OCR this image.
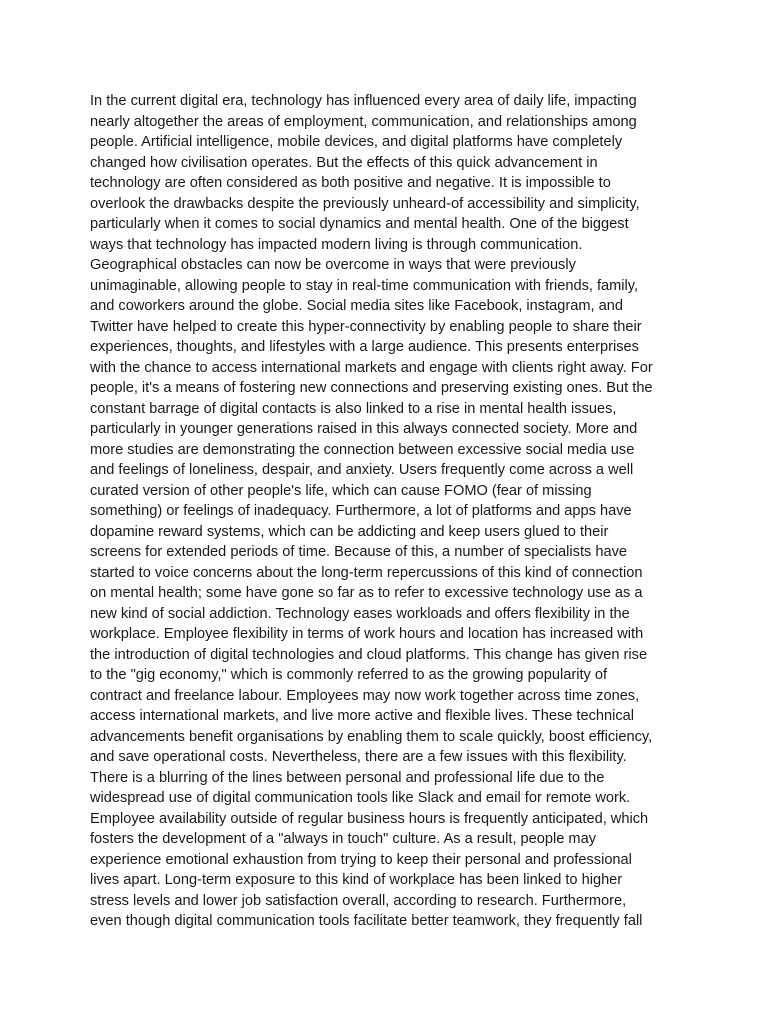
In the current digital era, technology has influenced every area of daily life, impacting
nearly altogether the areas of employment, communication, and relationships among
people. Artificial intelligence, mobile devices, and digital platforms have completely
changed how civilisation operates. But the effects of this quick advancement in
technology are often considered as both positive and negative. It is impossible to
overlook the drawbacks despite the previously unheard-of accessibility and simplicity,
particularly when it comes to social dynamics and mental health. One of the biggest
ways that technology has impacted modern living is through communication.
Geographical obstacles can now be overcome in ways that were previously
unimaginable, allowing people to stay in real-time communication with friends, family,
and coworkers around the globe. Social media sites like Facebook, instagram, and
Twitter have helped to create this hyper-connectivity by enabling people to share their
experiences, thoughts, and lifestyles with a large audience. This presents enterprises
with the chance to access international markets and engage with clients right away. For
people, it's a means of fostering new connections and preserving existing ones. But the
constant barrage of digital contacts is also linked to a rise in mental health issues,
particularly in younger generations raised in this always connected society. More and
more studies are demonstrating the connection between excessive social media use
and feelings of loneliness, despair, and anxiety. Users frequently come across a well
curated version of other people's life, which can cause FOMO (fear of missing
something) or feelings of inadequacy. Furthermore, a lot of platforms and apps have
dopamine reward systems, which can be addicting and keep users glued to their
screens for extended periods of time. Because of this, a number of specialists have
started to voice concerns about the long-term repercussions of this kind of connection
on mental health; some have gone so far as to refer to excessive technology use as a
new kind of social addiction. Technology eases workloads and offers flexibility in the
workplace. Employee flexibility in terms of work hours and location has increased with
the introduction of digital technologies and cloud platforms. This change has given rise
to the "gig economy," which is commonly referred to as the growing popularity of
contract and freelance labour. Employees may now work together across time zones,
access international markets, and live more active and flexible lives. These technical
advancements benefit organisations by enabling them to scale quickly, boost efficiency,
and save operational costs. Nevertheless, there are a few issues with this flexibility.
There is a blurring of the lines between personal and professional life due to the
widespread use of digital communication tools like Slack and email for remote work.
Employee availability outside of regular business hours is frequently anticipated, which
fosters the development of a "always in touch" culture. As a result, people may
experience emotional exhaustion from trying to keep their personal and professional
lives apart. Long-term exposure to this kind of workplace has been linked to higher
stress levels and lower job satisfaction overall, according to research. Furthermore,
even though digital communication tools facilitate better teamwork, they frequently fall
